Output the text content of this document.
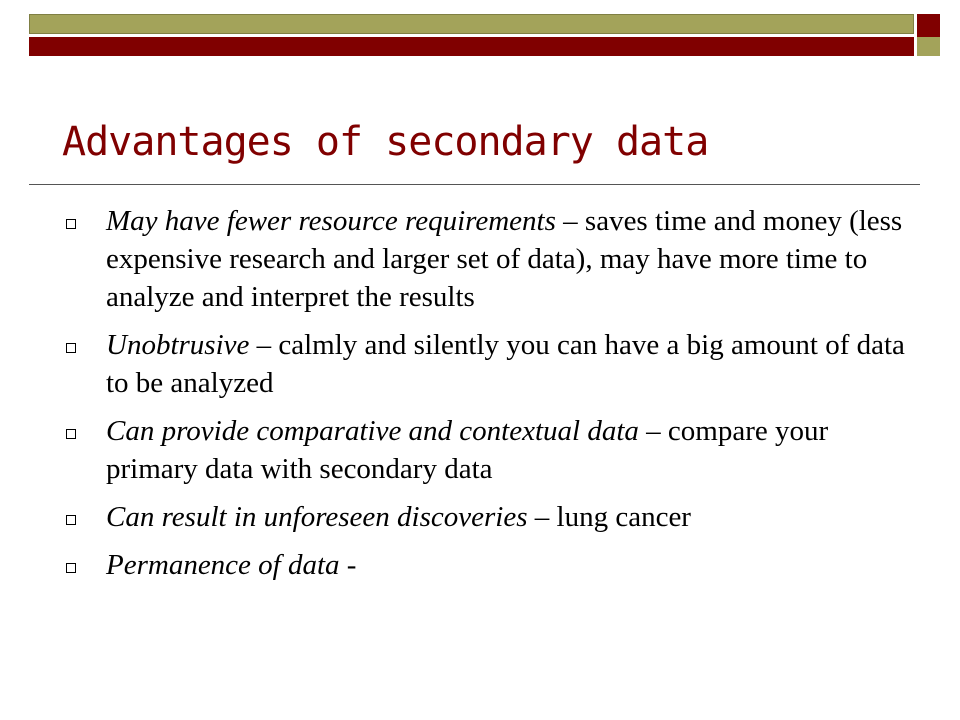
Advantages of secondary data
May have fewer resource requirements – saves time and money (less expensive research and larger set of data), may have more time to analyze and interpret the results
Unobtrusive – calmly and silently you can have a big amount of data to be analyzed
Can provide comparative and contextual data – compare your primary data with secondary data
Can result in unforeseen discoveries – lung cancer
Permanence of data -
